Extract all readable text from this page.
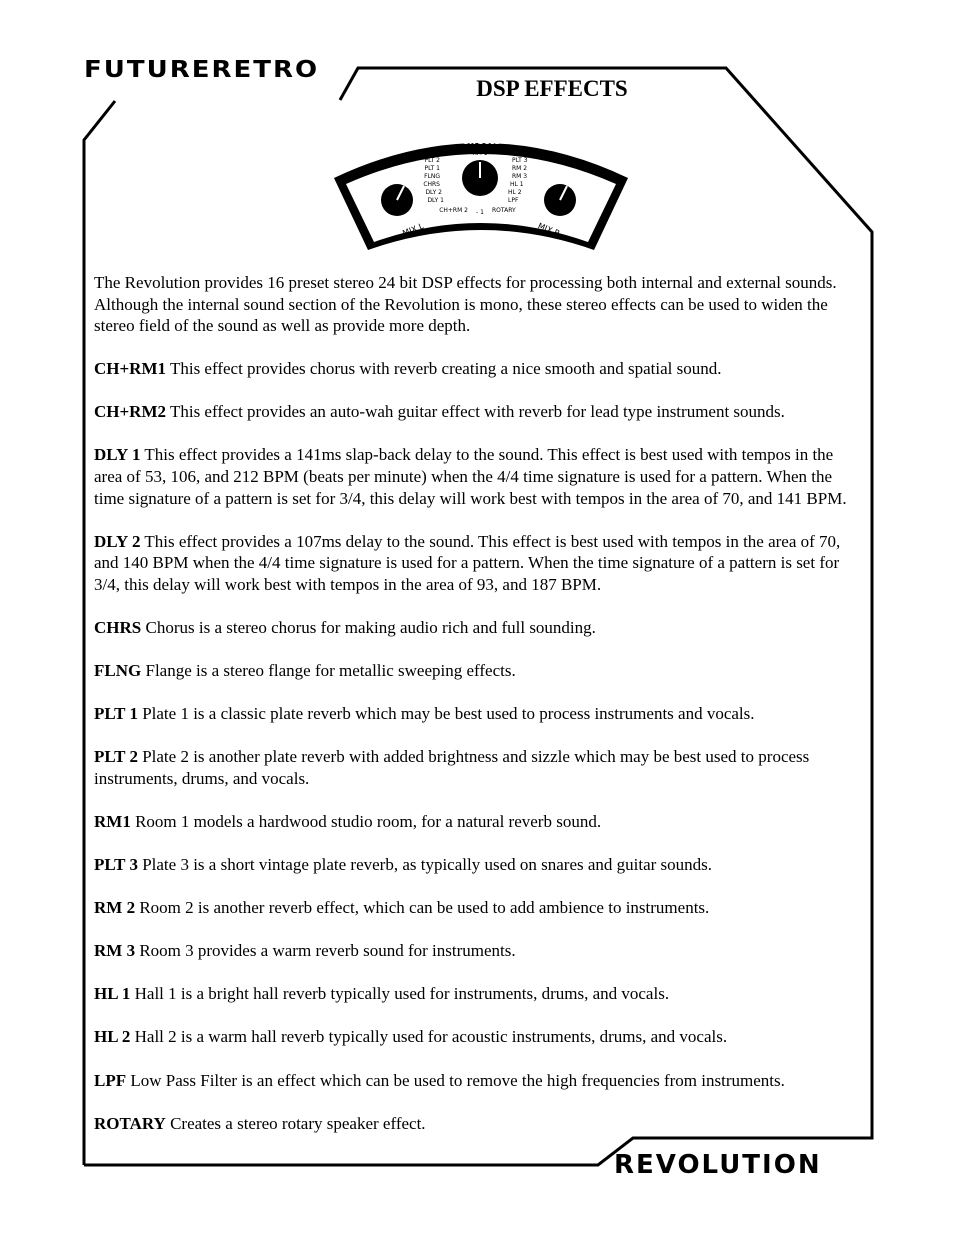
FUTURERETRO
REVOLUTION
DSP EFFECTS
effects
RM 1
PLT 2
PLT 1
FLNG
CHRS
DLY 2
DLY 1
CH+RM 2
PLT 3
RM 2
RM 3
HL 1
HL 2
LPF
ROTARY
- 1
MIX L	MIX R

The Revolution provides 16 preset stereo 24 bit DSP effects for processing both internal and external sounds. Although the internal sound section of the Revolution is mono, these stereo effects can be used to widen the stereo field of the sound as well as provide more depth.

CH+RM1 This effect provides chorus with reverb creating a nice smooth and spatial sound.

CH+RM2 This effect provides an auto-wah guitar effect with reverb for lead type instrument sounds.

DLY 1 This effect provides a 141ms slap-back delay to the sound. This effect is best used with tempos in the area of 53, 106, and 212 BPM (beats per minute) when the 4/4 time signature is used for a pattern. When the time signature of a pattern is set for 3/4, this delay will work best with tempos in the area of 70, and 141 BPM.

DLY 2 This effect provides a 107ms delay to the sound. This effect is best used with tempos in the area of 70, and 140 BPM when the 4/4 time signature is used for a pattern. When the time signature of a pattern is set for 3/4, this delay will work best with tempos in the area of 93, and 187 BPM.

CHRS Chorus is a stereo chorus for making audio rich and full sounding.

FLNG Flange is a stereo flange for metallic sweeping effects.

PLT 1 Plate 1 is a classic plate reverb which may be best used to process instruments and vocals.

PLT 2 Plate 2 is another plate reverb with added brightness and sizzle which may be best used to process instruments, drums, and vocals.

RM1 Room 1 models a hardwood studio room, for a natural reverb sound.

PLT 3 Plate 3 is a short vintage plate reverb, as typically used on snares and guitar sounds.

RM 2 Room 2 is another reverb effect, which can be used to add ambience to instruments.

RM 3 Room 3 provides a warm reverb sound for instruments.

HL 1 Hall 1 is a bright hall reverb typically used for instruments, drums, and vocals.

HL 2 Hall 2 is a warm hall reverb typically used for acoustic instruments, drums, and vocals.

LPF Low Pass Filter is an effect which can be used to remove the high frequencies from instruments.

ROTARY Creates a stereo rotary speaker effect.
